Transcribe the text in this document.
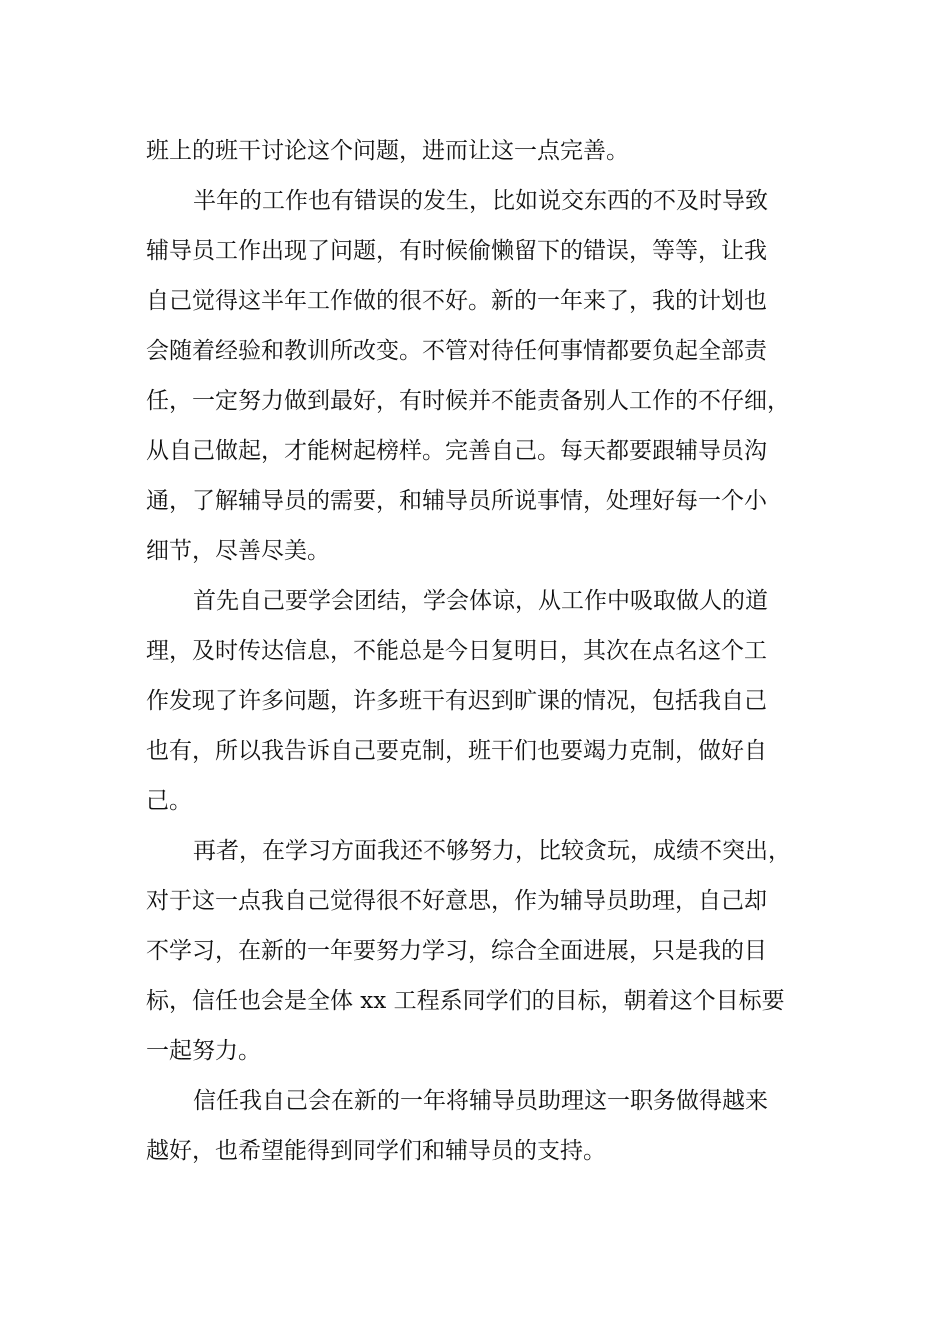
班上的班干讨论这个问题，进而让这一点完善。

半年的工作也有错误的发生，比如说交东西的不及时导致

辅导员工作出现了问题，有时候偷懒留下的错误，等等，让我

自己觉得这半年工作做的很不好。新的一年来了，我的计划也

会随着经验和教训所改变。不管对待任何事情都要负起全部责

任，一定努力做到最好，有时候并不能责备别人工作的不仔细，

从自己做起，才能树起榜样。完善自己。每天都要跟辅导员沟

通，了解辅导员的需要，和辅导员所说事情，处理好每一个小

细节，尽善尽美。

首先自己要学会团结，学会体谅，从工作中吸取做人的道

理，及时传达信息，不能总是今日复明日，其次在点名这个工

作发现了许多问题，许多班干有迟到旷课的情况，包括我自己

也有，所以我告诉自己要克制，班干们也要竭力克制，做好自

己。

再者，在学习方面我还不够努力，比较贪玩，成绩不突出，

对于这一点我自己觉得很不好意思，作为辅导员助理，自己却

不学习，在新的一年要努力学习，综合全面进展，只是我的目

标，信任也会是全体 xx 工程系同学们的目标，朝着这个目标要

一起努力。

信任我自己会在新的一年将辅导员助理这一职务做得越来

越好，也希望能得到同学们和辅导员的支持。
